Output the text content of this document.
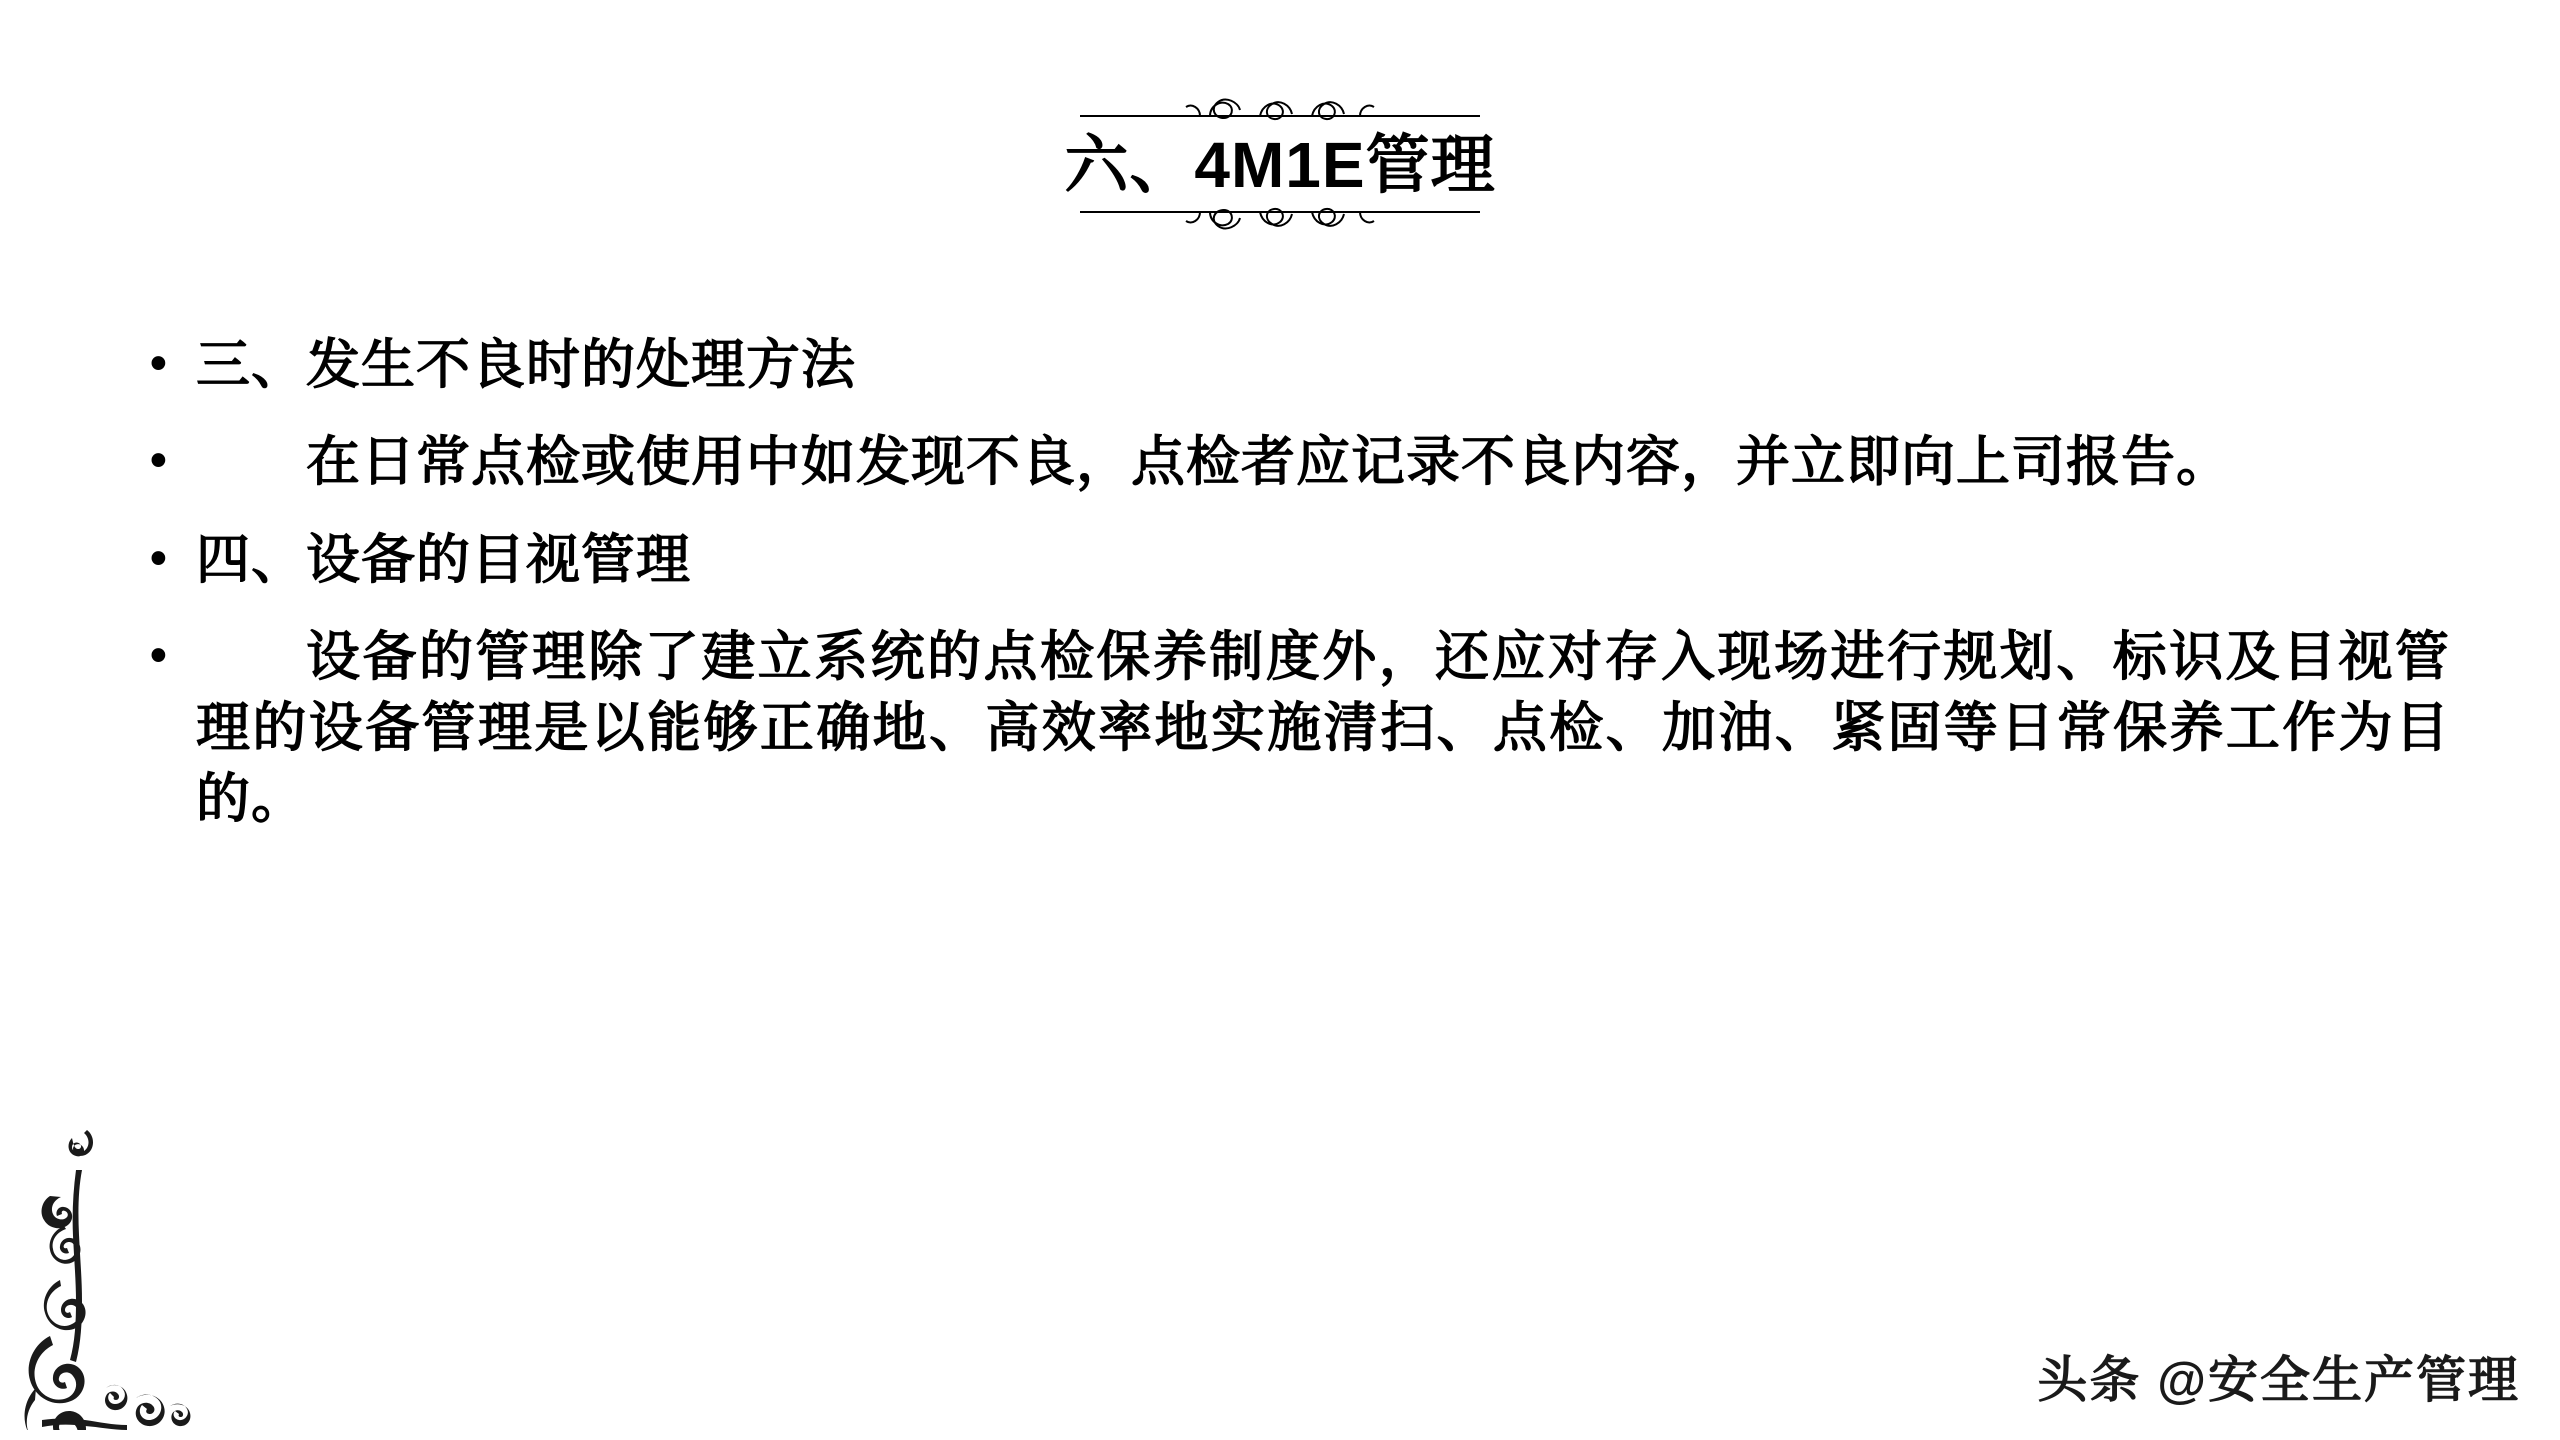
六、4M1E管理
• 三、发生不良时的处理方法
•	在日常点检或使用中如发现不良，点检者应记录不良内容，并立即向上司报告。
• 四、设备的目视管理
•	设备的管理除了建立系统的点检保养制度外，还应对存入现场进行规划、标识及目视管理的设备管理是以能够正确地、高效率地实施清扫、点检、加油、紧固等日常保养工作为目的。
头条 @安全生产管理
